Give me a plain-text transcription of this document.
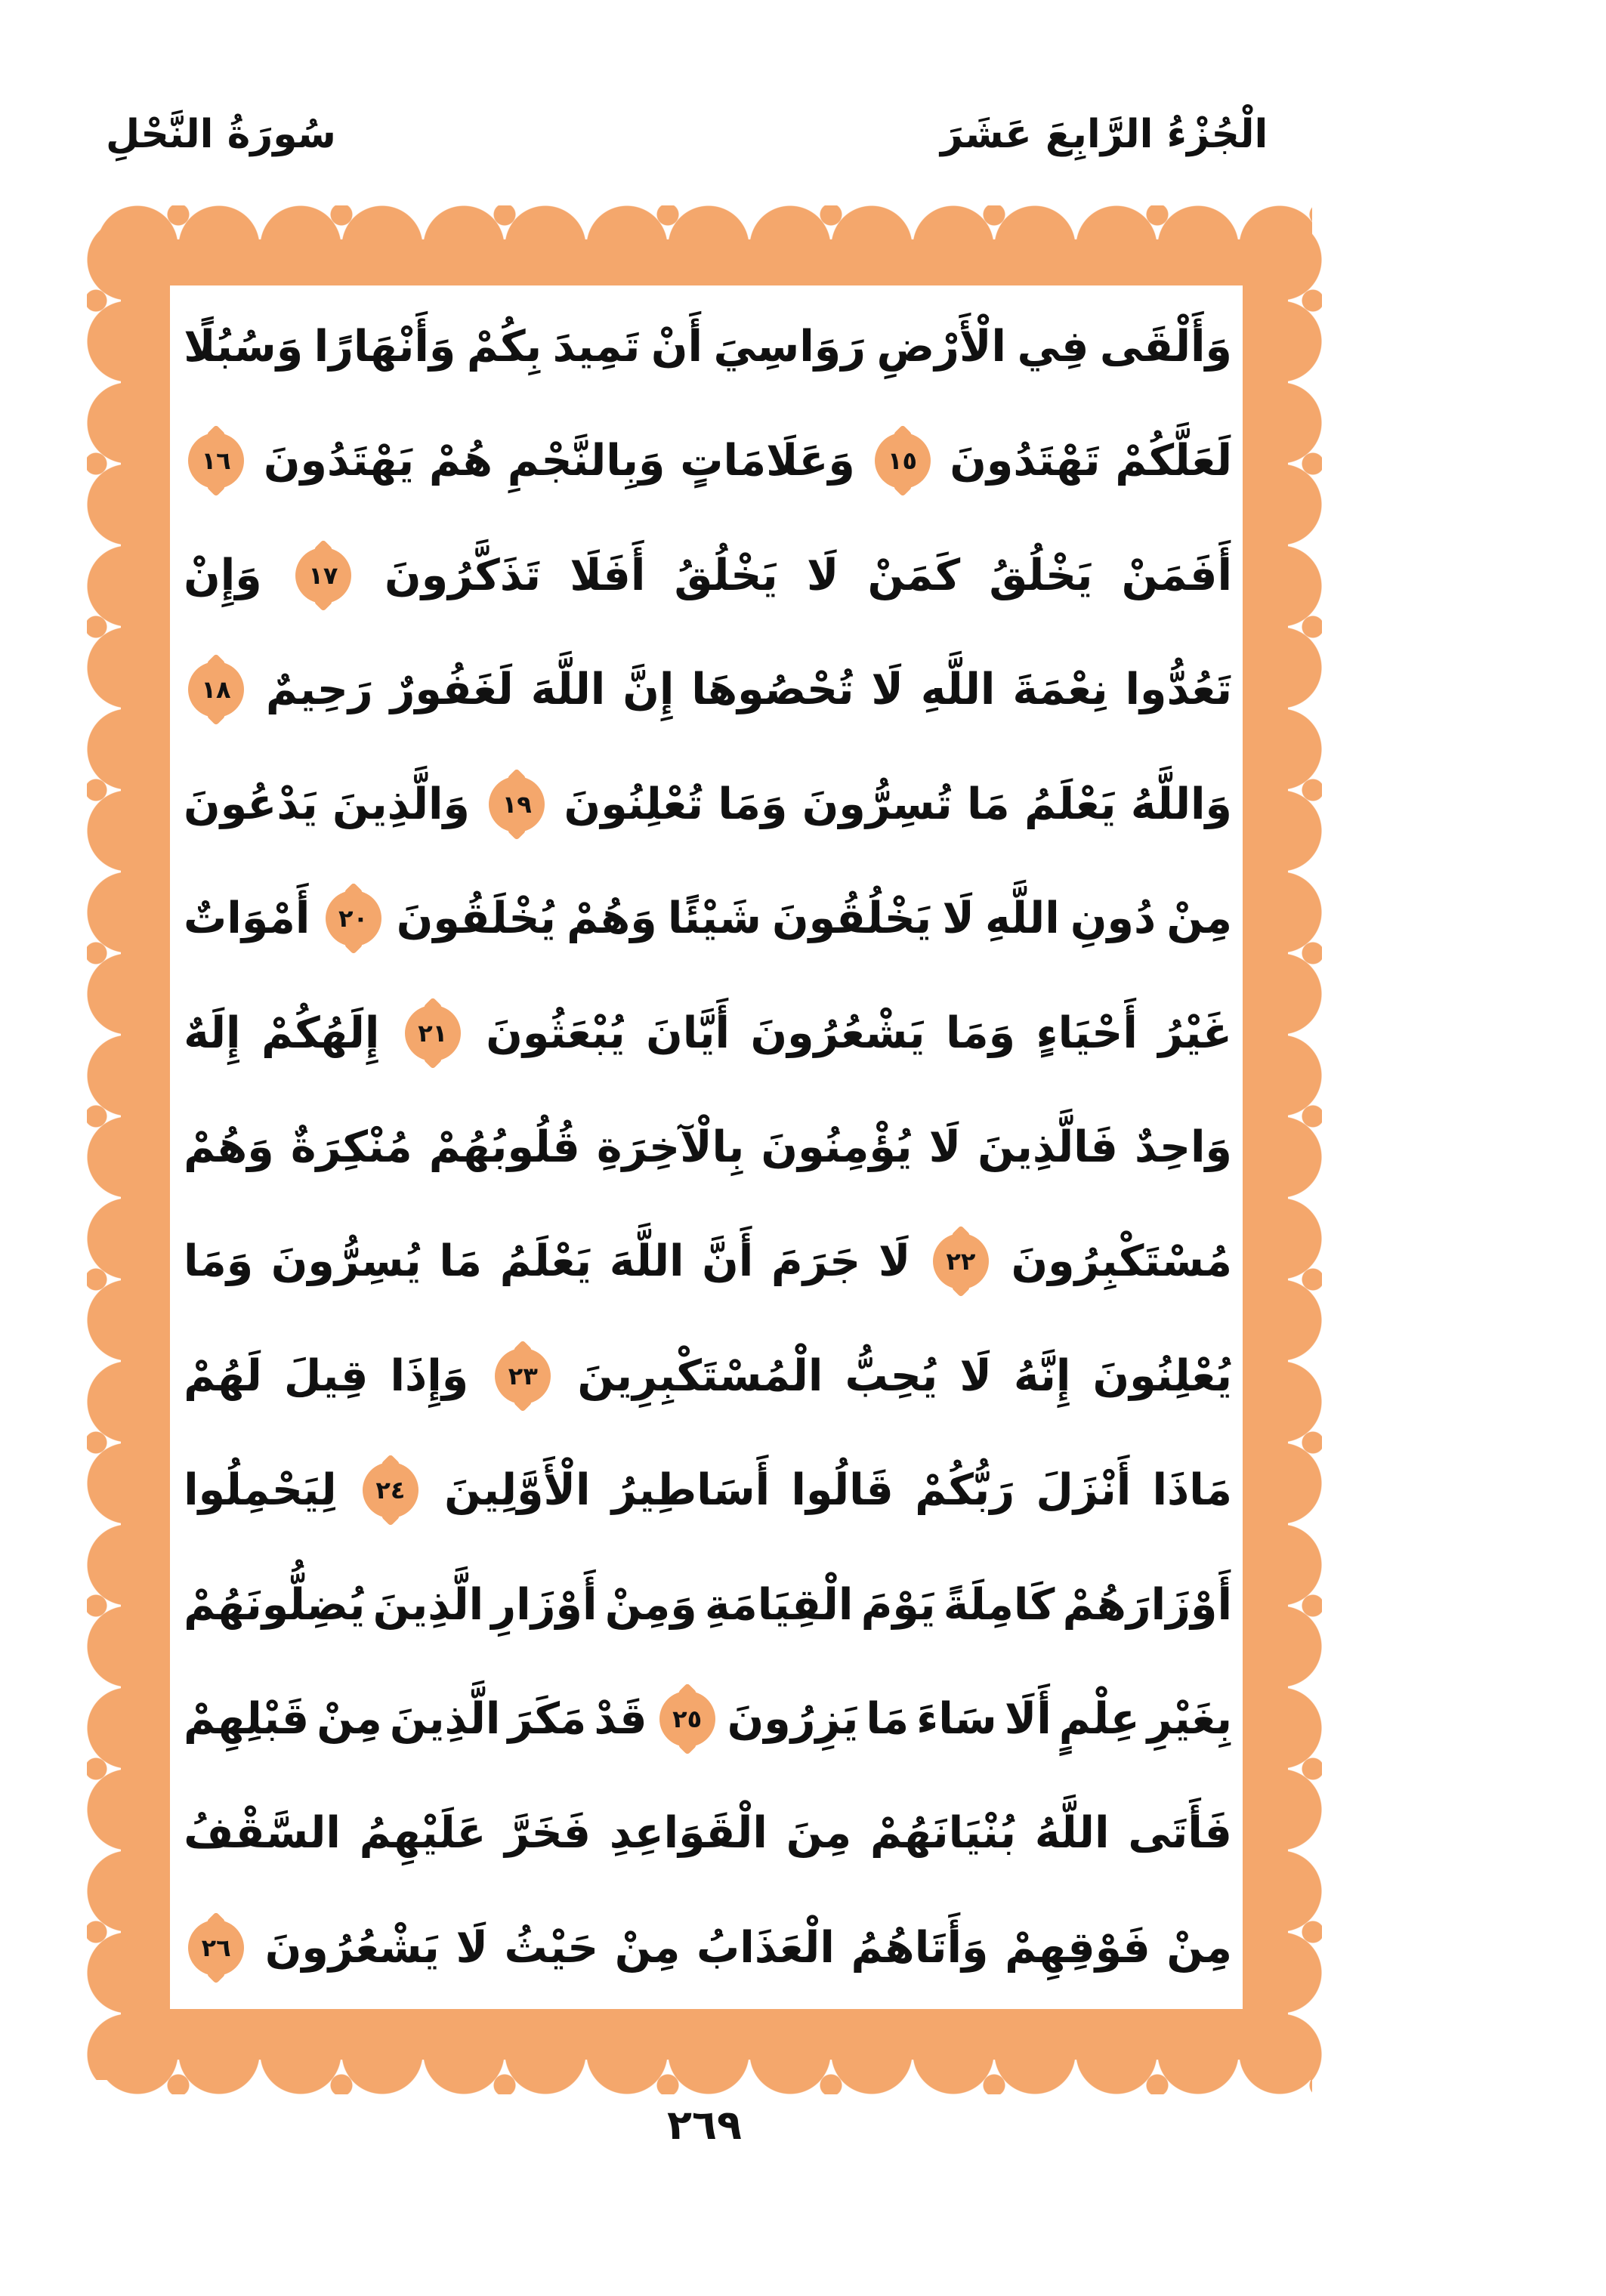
سُورَةُ النَّحْلِ	الْجُزْءُ الرَّابِعَ عَشَرَ
وَأَلْقَى
فِي
الْأَرْضِ
رَوَاسِيَ
أَنْ
تَمِيدَ
بِكُمْ
وَأَنْهَارًا
وَسُبُلًا
لَعَلَّكُمْ
تَهْتَدُونَ
١٥
وَعَلَامَاتٍ
وَبِالنَّجْمِ
هُمْ
يَهْتَدُونَ
١٦
أَفَمَنْ
يَخْلُقُ
كَمَنْ
لَا
يَخْلُقُ
أَفَلَا
تَذَكَّرُونَ
١٧
وَإِنْ
تَعُدُّوا
نِعْمَةَ
اللَّهِ
لَا
تُحْصُوهَا
إِنَّ
اللَّهَ
لَغَفُورٌ
رَحِيمٌ
١٨
وَاللَّهُ
يَعْلَمُ
مَا
تُسِرُّونَ
وَمَا
تُعْلِنُونَ
١٩
وَالَّذِينَ
يَدْعُونَ
مِنْ
دُونِ
اللَّهِ
لَا
يَخْلُقُونَ
شَيْئًا
وَهُمْ
يُخْلَقُونَ
٢٠
أَمْوَاتٌ
غَيْرُ
أَحْيَاءٍ
وَمَا
يَشْعُرُونَ
أَيَّانَ
يُبْعَثُونَ
٢١
إِلَهُكُمْ
إِلَهٌ
وَاحِدٌ
فَالَّذِينَ
لَا
يُؤْمِنُونَ
بِالْآخِرَةِ
قُلُوبُهُمْ
مُنْكِرَةٌ
وَهُمْ
مُسْتَكْبِرُونَ
٢٢
لَا
جَرَمَ
أَنَّ
اللَّهَ
يَعْلَمُ
مَا
يُسِرُّونَ
وَمَا
يُعْلِنُونَ
إِنَّهُ
لَا
يُحِبُّ
الْمُسْتَكْبِرِينَ
٢٣
وَإِذَا
قِيلَ
لَهُمْ
مَاذَا
أَنْزَلَ
رَبُّكُمْ
قَالُوا
أَسَاطِيرُ
الْأَوَّلِينَ
٢٤
لِيَحْمِلُوا
أَوْزَارَهُمْ
كَامِلَةً
يَوْمَ
الْقِيَامَةِ
وَمِنْ
أَوْزَارِ
الَّذِينَ
يُضِلُّونَهُمْ
بِغَيْرِ
عِلْمٍ
أَلَا
سَاءَ
مَا
يَزِرُونَ
٢٥
قَدْ
مَكَرَ
الَّذِينَ
مِنْ
قَبْلِهِمْ
فَأَتَى
اللَّهُ
بُنْيَانَهُمْ
مِنَ
الْقَوَاعِدِ
فَخَرَّ
عَلَيْهِمُ
السَّقْفُ
مِنْ
فَوْقِهِمْ
وَأَتَاهُمُ
الْعَذَابُ
مِنْ
حَيْثُ
لَا
يَشْعُرُونَ
٢٦
٢٦٩
